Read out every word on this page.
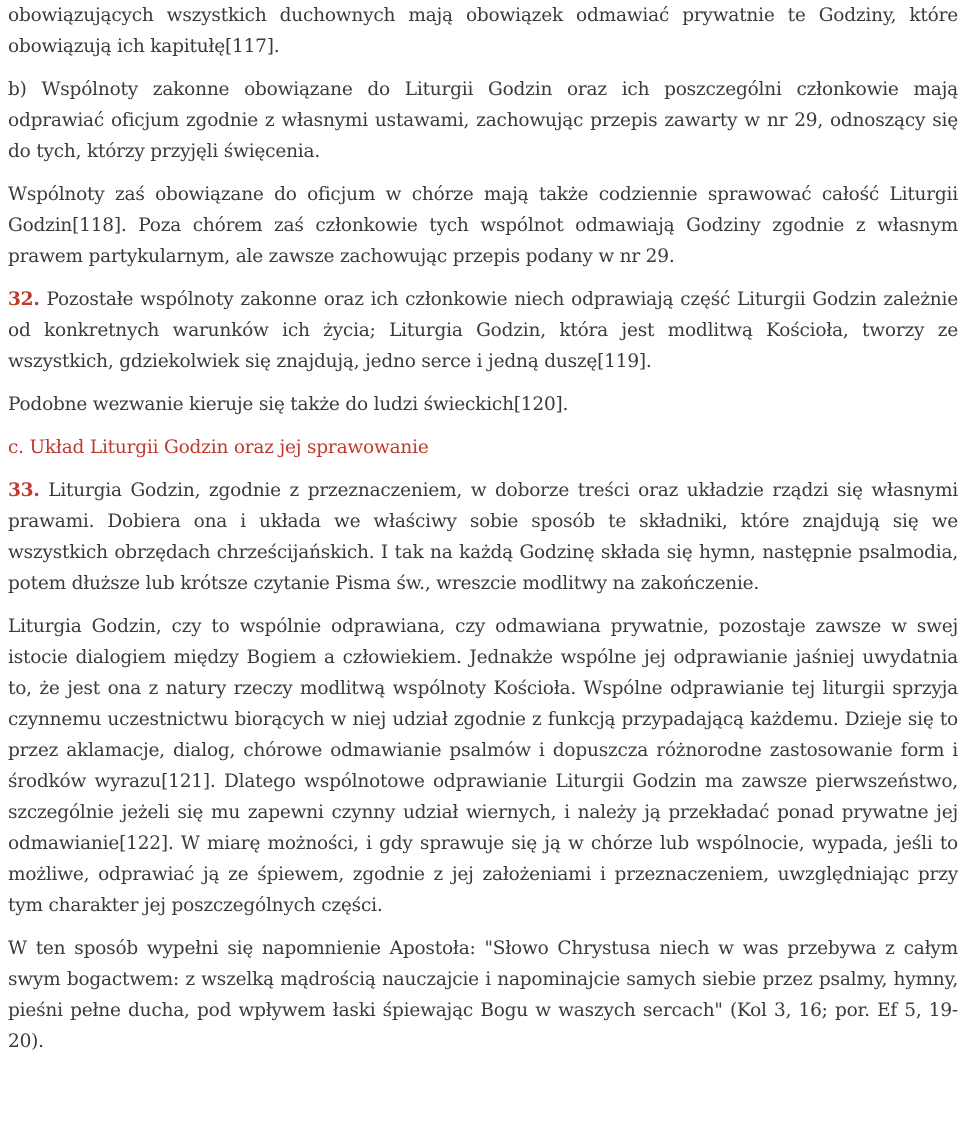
obowiązujących wszystkich duchownych mają obowiązek odmawiać prywatnie te Godziny, które obowiązują ich kapitułę[117].

b) Wspólnoty zakonne obowiązane do Liturgii Godzin oraz ich poszczególni członkowie mają odprawiać oficjum zgodnie z własnymi ustawami, zachowując przepis zawarty w nr 29, odnoszący się do tych, którzy przyjęli święcenia.

Wspólnoty zaś obowiązane do oficjum w chórze mają także codziennie sprawować całość Liturgii Godzin[118]. Poza chórem zaś członkowie tych wspólnot odmawiają Godziny zgodnie z własnym prawem partykularnym, ale zawsze zachowując przepis podany w nr 29.

32. Pozostałe wspólnoty zakonne oraz ich członkowie niech odprawiają część Liturgii Godzin zależnie od konkretnych warunków ich życia; Liturgia Godzin, która jest modlitwą Kościoła, tworzy ze wszystkich, gdziekolwiek się znajdują, jedno serce i jedną duszę[119].

Podobne wezwanie kieruje się także do ludzi świeckich[120].

c. Układ Liturgii Godzin oraz jej sprawowanie

33. Liturgia Godzin, zgodnie z przeznaczeniem, w doborze treści oraz układzie rządzi się własnymi prawami. Dobiera ona i układa we właściwy sobie sposób te składniki, które znajdują się we wszystkich obrzędach chrześcijańskich. I tak na każdą Godzinę składa się hymn, następnie psalmodia, potem dłuższe lub krótsze czytanie Pisma św., wreszcie modlitwy na zakończenie.

Liturgia Godzin, czy to wspólnie odprawiana, czy odmawiana prywatnie, pozostaje zawsze w swej istocie dialogiem między Bogiem a człowiekiem. Jednakże wspólne jej odprawianie jaśniej uwydatnia to, że jest ona z natury rzeczy modlitwą wspólnoty Kościoła. Wspólne odprawianie tej liturgii sprzyja czynnemu uczestnictwu biorących w niej udział zgodnie z funkcją przypadającą każdemu. Dzieje się to przez aklamacje, dialog, chórowe odmawianie psalmów i dopuszcza różnorodne zastosowanie form i środków wyrazu[121]. Dlatego wspólnotowe odprawianie Liturgii Godzin ma zawsze pierwszeństwo, szczególnie jeżeli się mu zapewni czynny udział wiernych, i należy ją przekładać ponad prywatne jej odmawianie[122]. W miarę możności, i gdy sprawuje się ją w chórze lub wspólnocie, wypada, jeśli to możliwe, odprawiać ją ze śpiewem, zgodnie z jej założeniami i przeznaczeniem, uwzględniając przy tym charakter jej poszczególnych części.

W ten sposób wypełni się napomnienie Apostoła: "Słowo Chrystusa niech w was przebywa z całym swym bogactwem: z wszelką mądrością nauczajcie i napominajcie samych siebie przez psalmy, hymny, pieśni pełne ducha, pod wpływem łaski śpiewając Bogu w waszych sercach" (Kol 3, 16; por. Ef 5, 19-20).
